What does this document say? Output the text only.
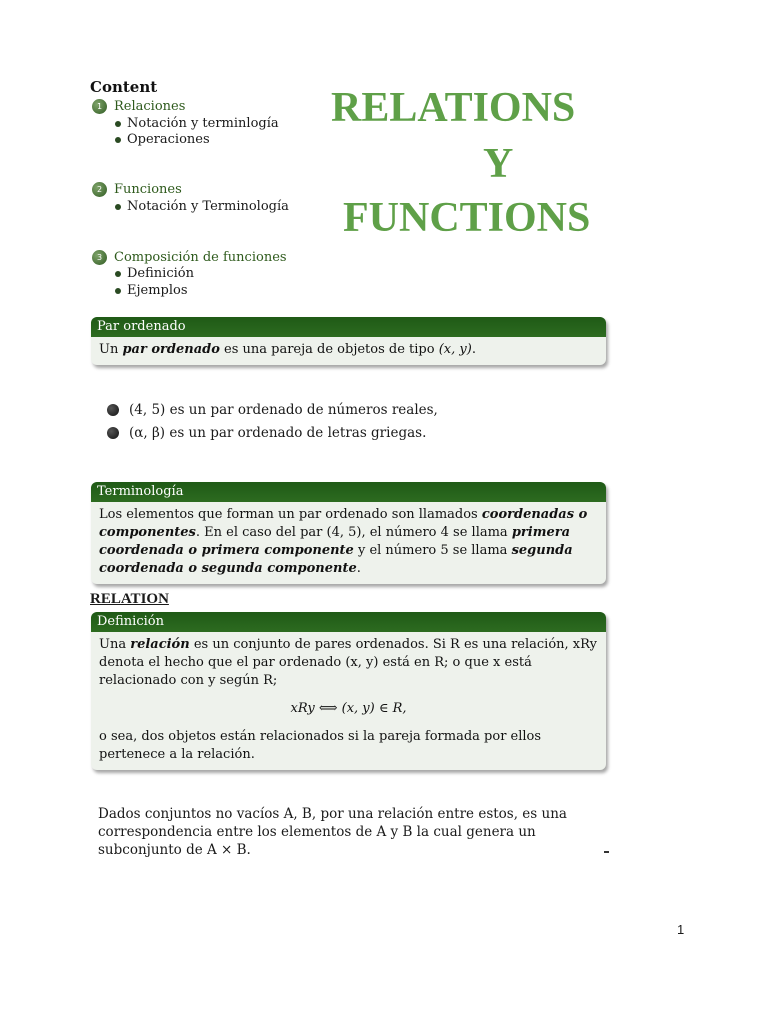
Content
1 Relaciones
Notación y terminlogía
Operaciones
2 Funciones
Notación y Terminología
3 Composición de funciones
Definición
Ejemplos
RELATIONS
Y
FUNCTIONS
Par ordenado
Un par ordenado es una pareja de objetos de tipo (x, y).
(4, 5) es un par ordenado de números reales,
(α, β) es un par ordenado de letras griegas.
Terminología
Los elementos que forman un par ordenado son llamados coordenadas o componentes. En el caso del par (4, 5), el número 4 se llama primera coordenada o primera componente y el número 5 se llama segunda coordenada o segunda componente.
RELATION
Definición
Una relación es un conjunto de pares ordenados. Si R es una relación, xRy denota el hecho que el par ordenado (x, y) está en R; o que x está relacionado con y según R;
xRy ⟺ (x, y) ∈ R,
o sea, dos objetos están relacionados si la pareja formada por ellos pertenece a la relación.
Dados conjuntos no vacíos A, B, por una relación entre estos, es una correspondencia entre los elementos de A y B la cual genera un subconjunto de A × B.
1
